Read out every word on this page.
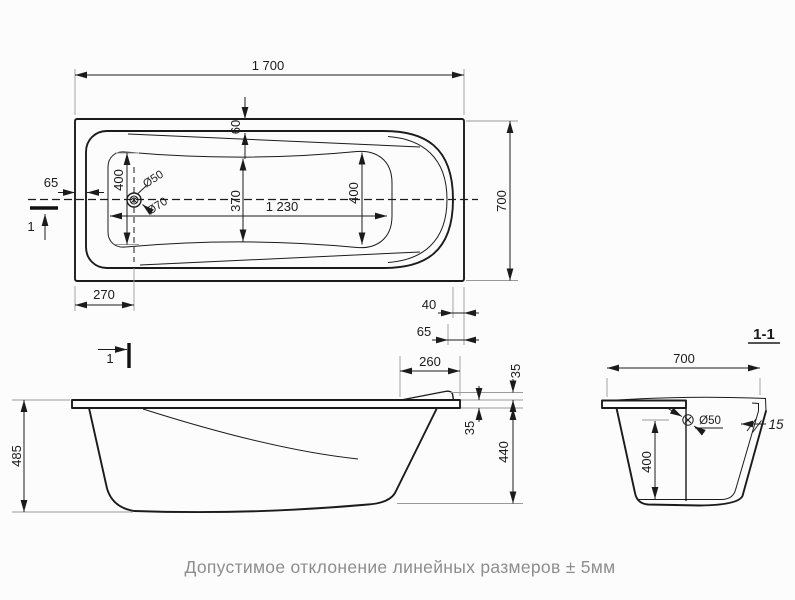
Ø50
Ø70
1 700
700
60
65	400
370	400
1 230
270
40
65
1
485
1	260
35
35
440
1-1
Ø50
700
400
15
Допустимое отклонение линейных размеров ± 5мм
